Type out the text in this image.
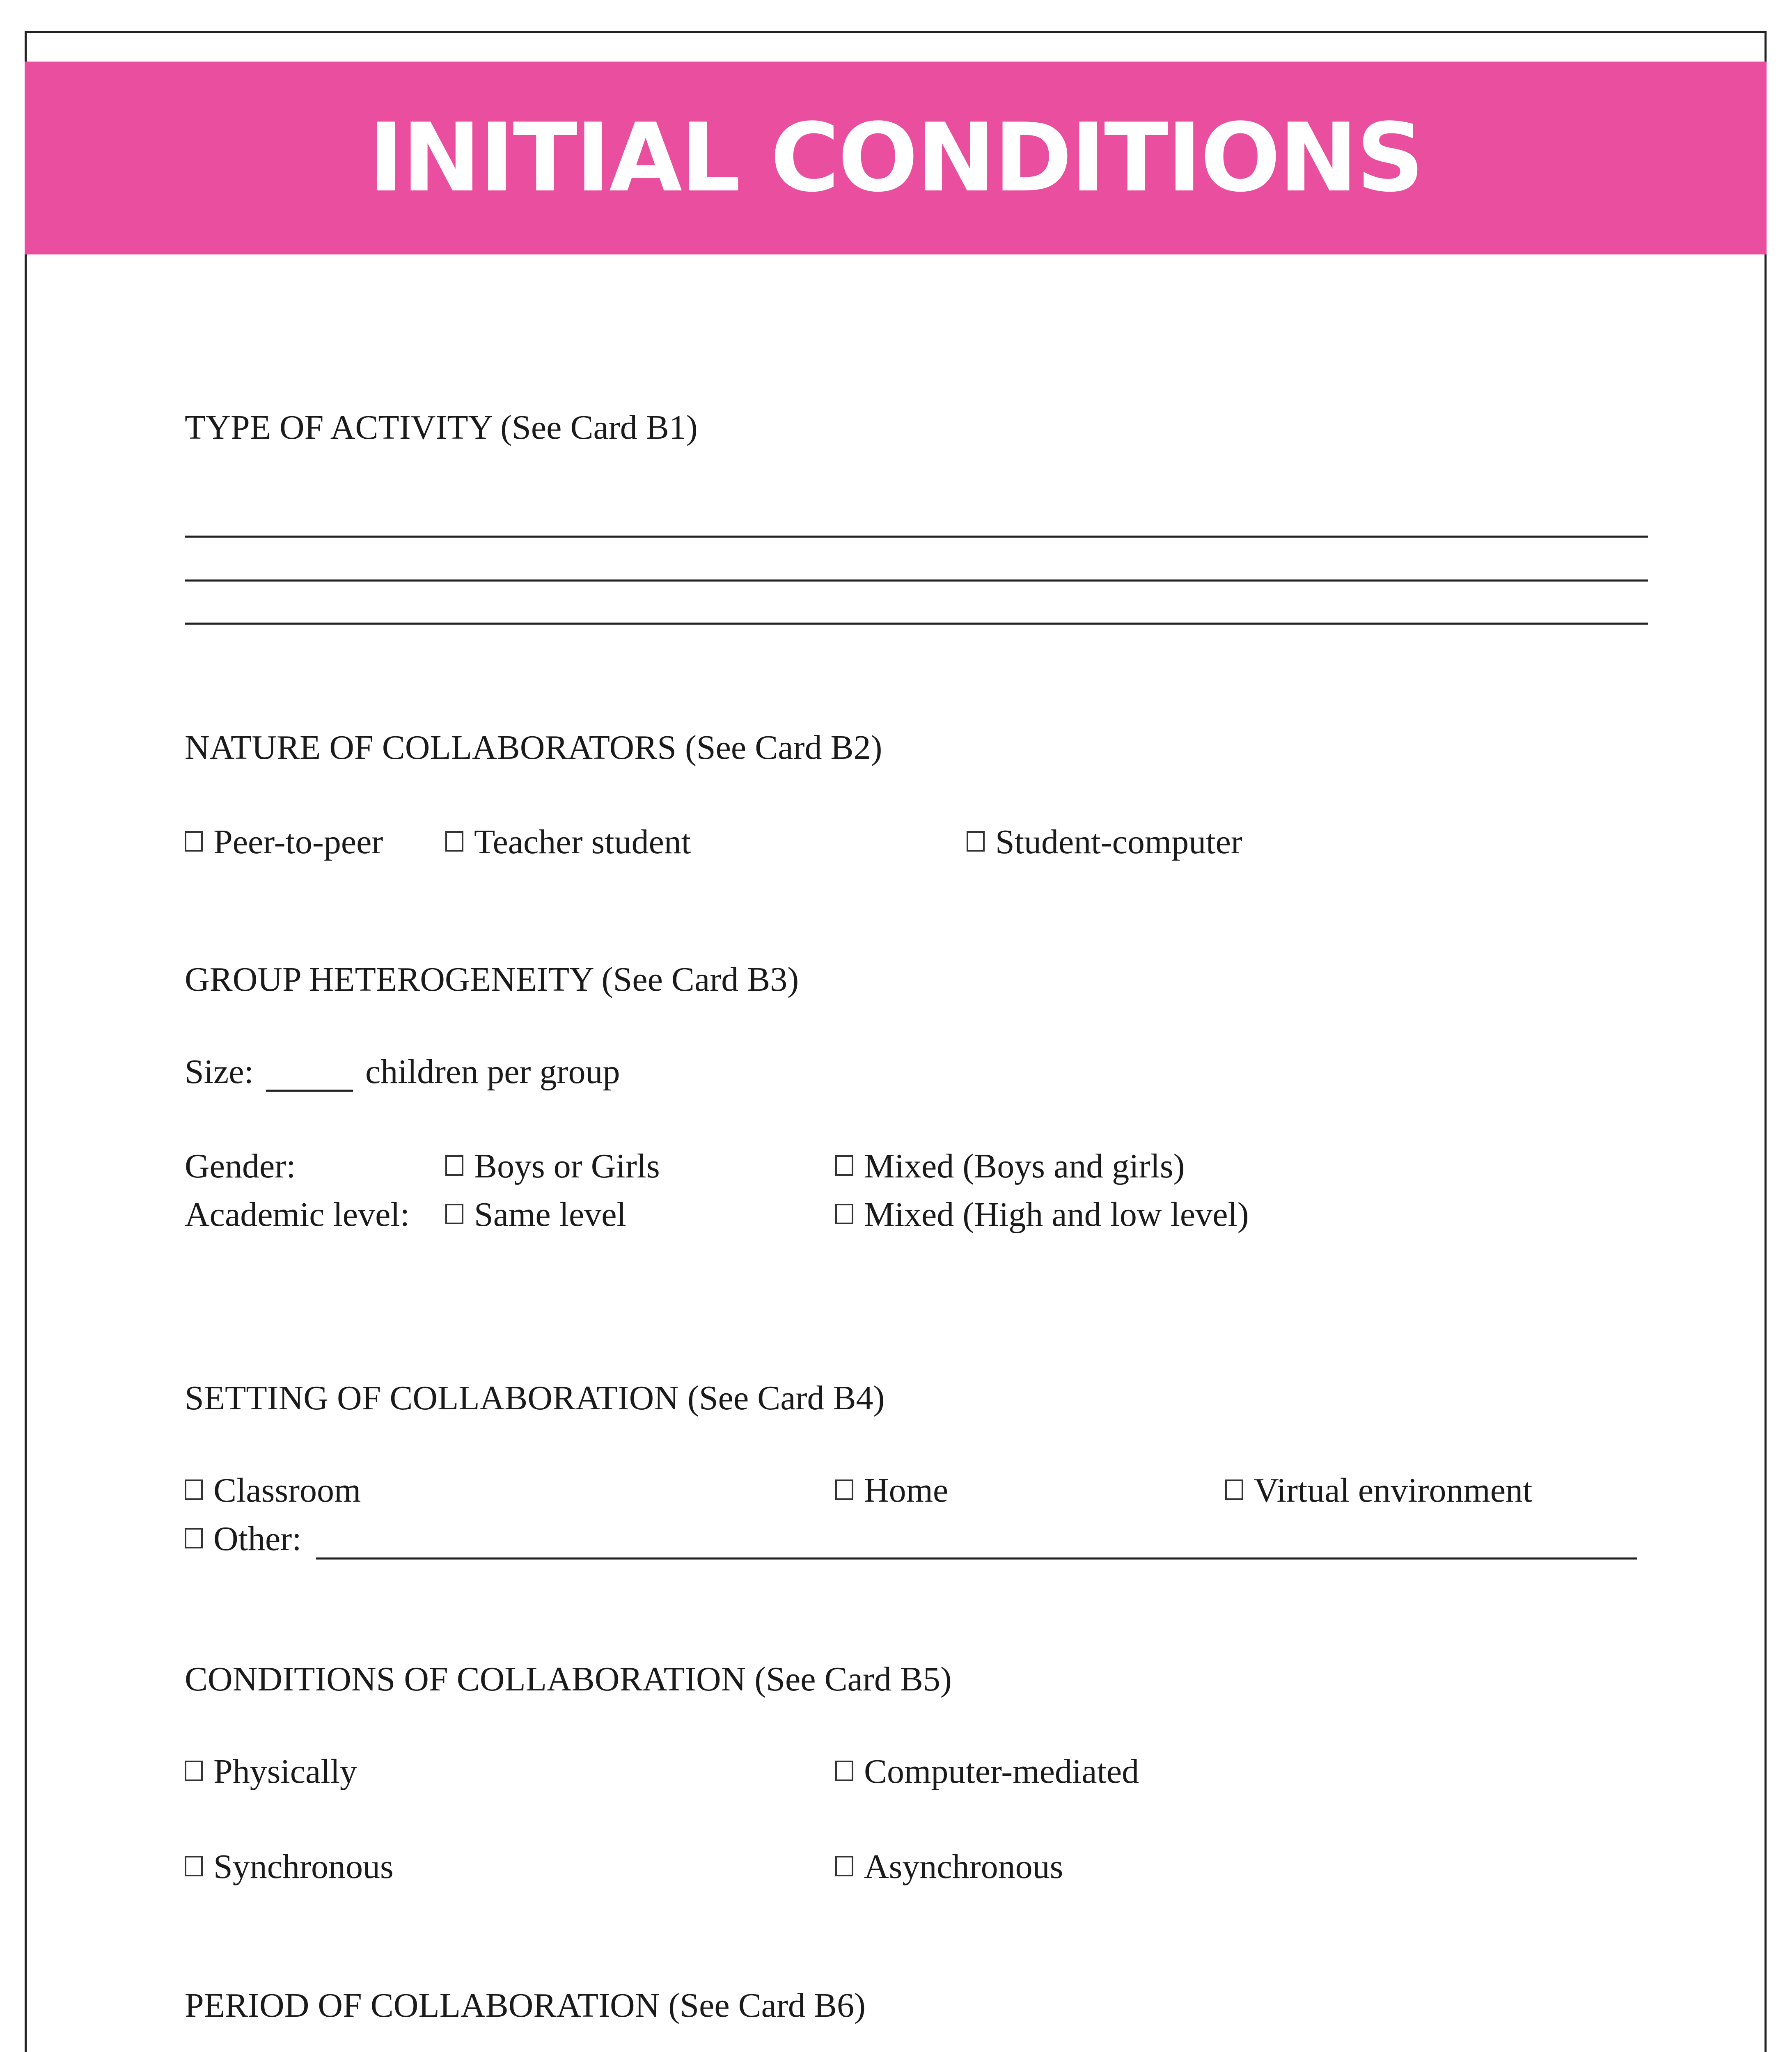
INITIAL CONDITIONS
TYPE OF ACTIVITY (See Card B1)
NATURE OF COLLABORATORS (See Card B2)
Peer-to-peer	Teacher student	Student-computer
GROUP HETEROGENEITY (See Card B3)
Size:	children per group
Gender:	Boys or Girls	Mixed (Boys and girls)
Academic level: Same level	Mixed (High and low level)
SETTING OF COLLABORATION (See Card B4)
Classroom	Home	Virtual environment
Other:
CONDITIONS OF COLLABORATION (See Card B5)
Physically	Computer-mediated
Synchronous	Asynchronous
PERIOD OF COLLABORATION (See Card B6)
